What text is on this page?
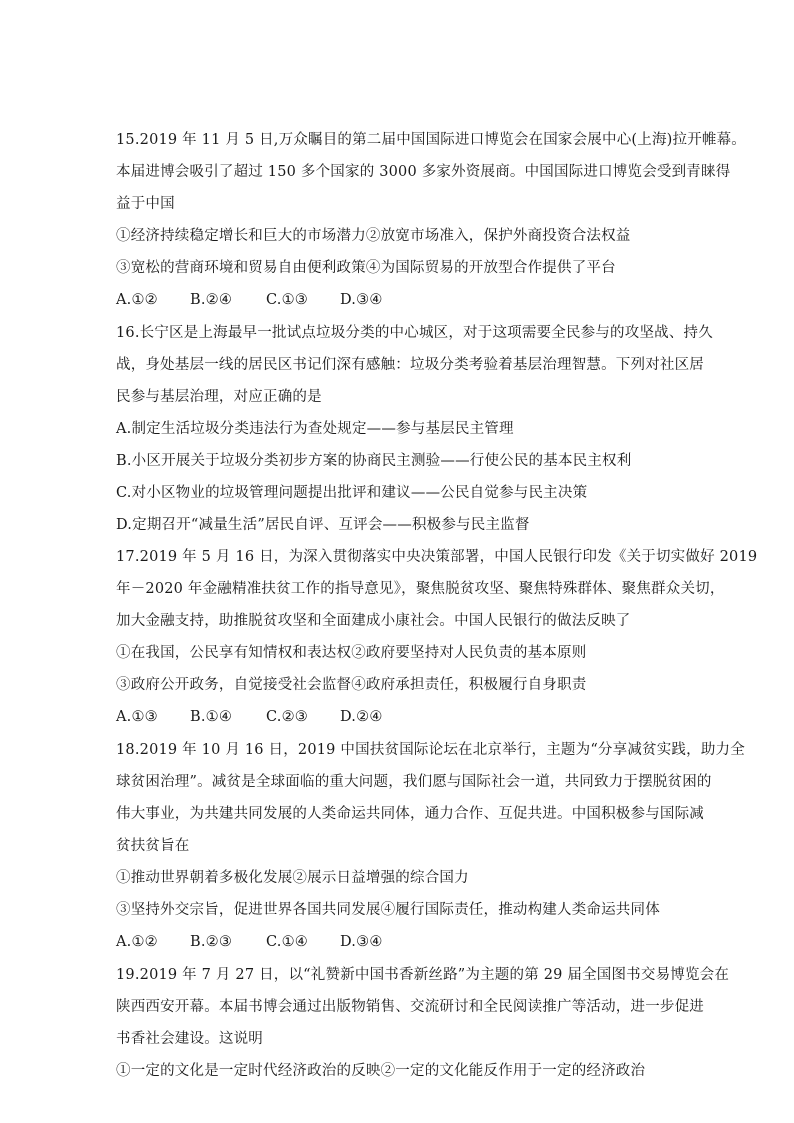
15.2019 年 11 月 5 日,万众瞩目的第二届中国国际进口博览会在国家会展中心(上海)拉开帷幕。
本届进博会吸引了超过 150 多个国家的 3000 多家外资展商。中国国际进口博览会受到青睐得
益于中国
①经济持续稳定增长和巨大的市场潜力②放宽市场准入，保护外商投资合法权益
③宽松的营商环境和贸易自由便利政策④为国际贸易的开放型合作提供了平台
A.①② B.②④ C.①③ D.③④
16.长宁区是上海最早一批试点垃圾分类的中心城区，对于这项需要全民参与的攻坚战、持久
战，身处基层一线的居民区书记们深有感触：垃圾分类考验着基层治理智慧。下列对社区居
民参与基层治理，对应正确的是
A.制定生活垃圾分类违法行为查处规定——参与基层民主管理
B.小区开展关于垃圾分类初步方案的协商民主测验——行使公民的基本民主权利
C.对小区物业的垃圾管理问题提出批评和建议——公民自觉参与民主决策
D.定期召开“减量生活”居民自评、互评会——积极参与民主监督
17.2019 年 5 月 16 日，为深入贯彻落实中央决策部署，中国人民银行印发《关于切实做好 2019
年－2020 年金融精准扶贫工作的指导意见》，聚焦脱贫攻坚、聚焦特殊群体、聚焦群众关切，
加大金融支持，助推脱贫攻坚和全面建成小康社会。中国人民银行的做法反映了
①在我国，公民享有知情权和表达权②政府要坚持对人民负责的基本原则
③政府公开政务，自觉接受社会监督④政府承担责任，积极履行自身职责
A.①③ B.①④ C.②③ D.②④
18.2019 年 10 月 16 日，2019 中国扶贫国际论坛在北京举行，主题为“分享减贫实践，助力全
球贫困治理”。减贫是全球面临的重大问题，我们愿与国际社会一道，共同致力于摆脱贫困的
伟大事业，为共建共同发展的人类命运共同体，通力合作、互促共进。中国积极参与国际减
贫扶贫旨在
①推动世界朝着多极化发展②展示日益增强的综合国力
③坚持外交宗旨，促进世界各国共同发展④履行国际责任，推动构建人类命运共同体
A.①② B.②③ C.①④ D.③④
19.2019 年 7 月 27 日，以“礼赞新中国书香新丝路”为主题的第 29 届全国图书交易博览会在
陕西西安开幕。本届书博会通过出版物销售、交流研讨和全民阅读推广等活动，进一步促进
书香社会建设。这说明
①一定的文化是一定时代经济政治的反映②一定的文化能反作用于一定的经济政治
